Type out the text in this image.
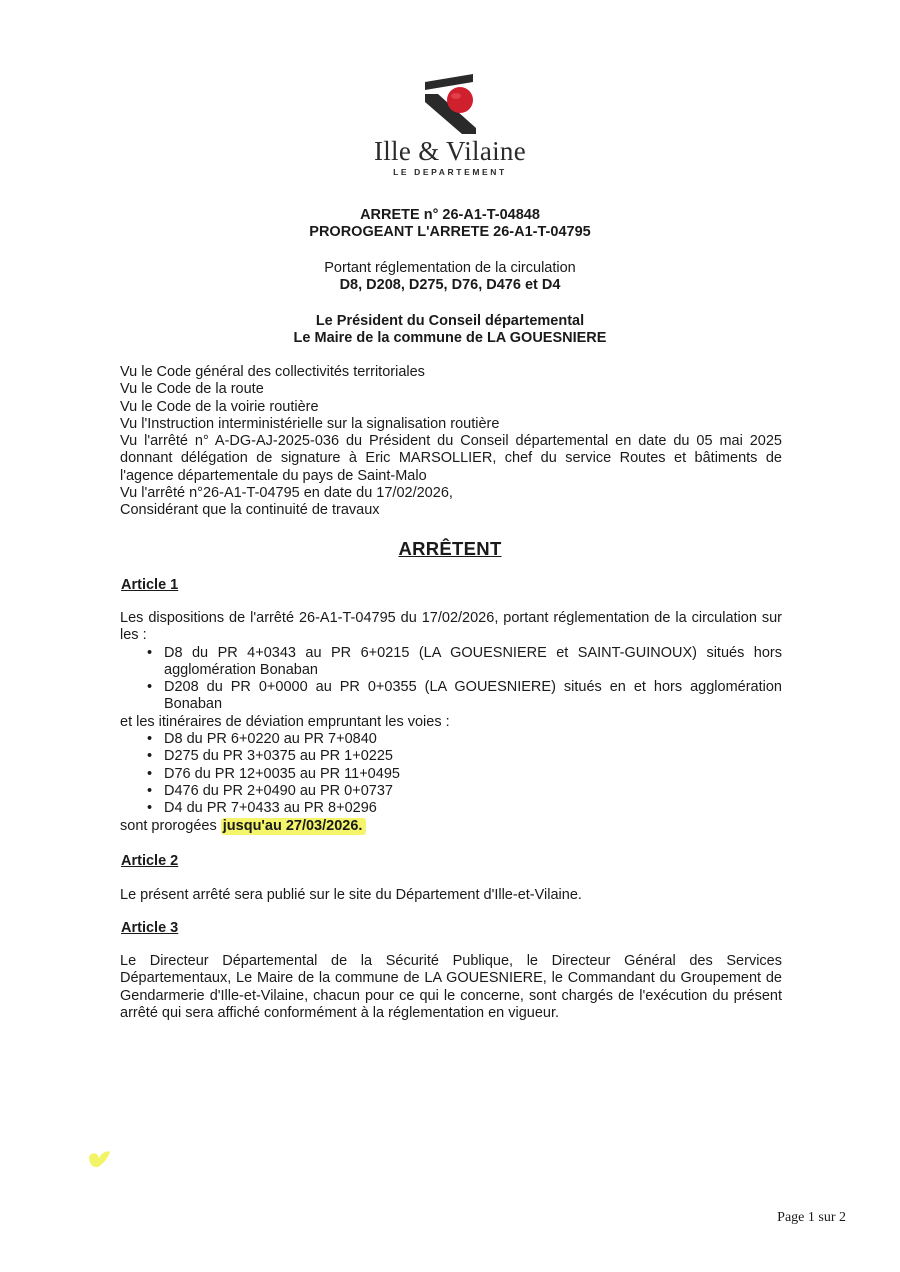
Ille & Vilaine
LE DEPARTEMENT
ARRETE n° 26-A1-T-04848
PROROGEANT L'ARRETE 26-A1-T-04795
Portant réglementation de la circulation
D8, D208, D275, D76, D476 et D4
Le Président du Conseil départemental
Le Maire de la commune de LA GOUESNIERE
Vu le Code général des collectivités territoriales
Vu le Code de la route
Vu le Code de la voirie routière
Vu l'Instruction interministérielle sur la signalisation routière
Vu l'arrêté n° A-DG-AJ-2025-036 du Président du Conseil départemental en date du 05 mai 2025 donnant délégation de signature à Eric MARSOLLIER, chef du service Routes et bâtiments de l'agence départementale du pays de Saint-Malo
Vu l'arrêté n°26-A1-T-04795 en date du 17/02/2026,
Considérant que la continuité de travaux
ARRÊTENT
Article 1
Les dispositions de l'arrêté 26-A1-T-04795 du 17/02/2026, portant réglementation de la circulation sur les :
• D8 du PR 4+0343 au PR 6+0215 (LA GOUESNIERE et SAINT-GUINOUX) situés hors agglomération Bonaban
• D208 du PR 0+0000 au PR 0+0355 (LA GOUESNIERE) situés en et hors agglomération Bonaban
et les itinéraires de déviation empruntant les voies :
• D8 du PR 6+0220 au PR 7+0840
• D275 du PR 3+0375 au PR 1+0225
• D76 du PR 12+0035 au PR 11+0495
• D476 du PR 2+0490 au PR 0+0737
• D4 du PR 7+0433 au PR 8+0296
sont prorogées jusqu'au 27/03/2026.
Article 2
Le présent arrêté sera publié sur le site du Département d'Ille-et-Vilaine.
Article 3
Le Directeur Départemental de la Sécurité Publique, le Directeur Général des Services Départementaux, Le Maire de la commune de LA GOUESNIERE, le Commandant du Groupement de Gendarmerie d'Ille-et-Vilaine, chacun pour ce qui le concerne, sont chargés de l'exécution du présent arrêté qui sera affiché conformément à la réglementation en vigueur.
Page 1 sur 2
